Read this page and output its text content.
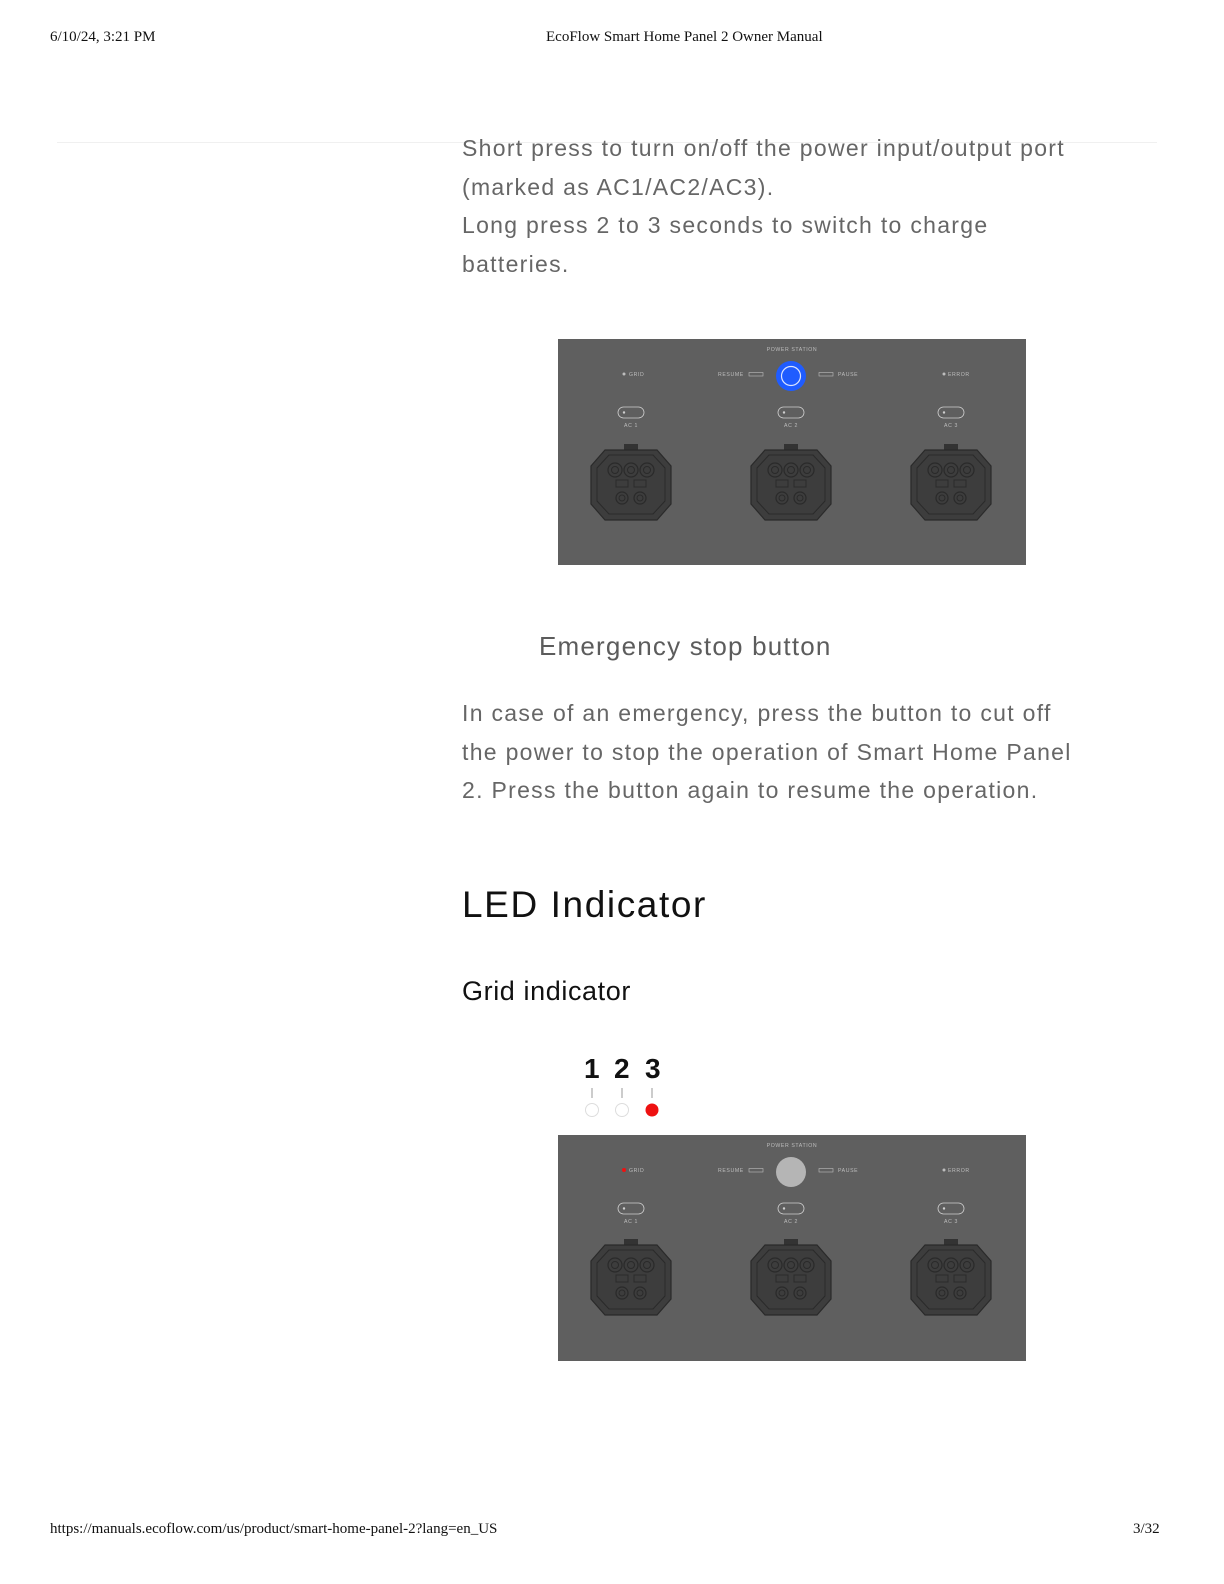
6/10/24, 3:21 PM	EcoFlow Smart Home Panel 2 Owner Manual

Short press to turn on/off the power input/output port

(marked as AC1/AC2/AC3).

Long press 2 to 3 seconds to switch to charge

batteries.

POWER STATION
GRID	RESUME	PAUSE	ERROR
AC 1	AC 2	AC 3
Emergency stop button

In case of an emergency, press the button to cut off

the power to stop the operation of Smart Home Panel

2. Press the button again to resume the operation.

LED Indicator
Grid indicator
1 2 3
POWER STATION
GRID	RESUME	PAUSE	ERROR
AC 1	AC 2	AC 3
https://manuals.ecoflow.com/us/product/smart-home-panel-2?lang=en_US	3/32
